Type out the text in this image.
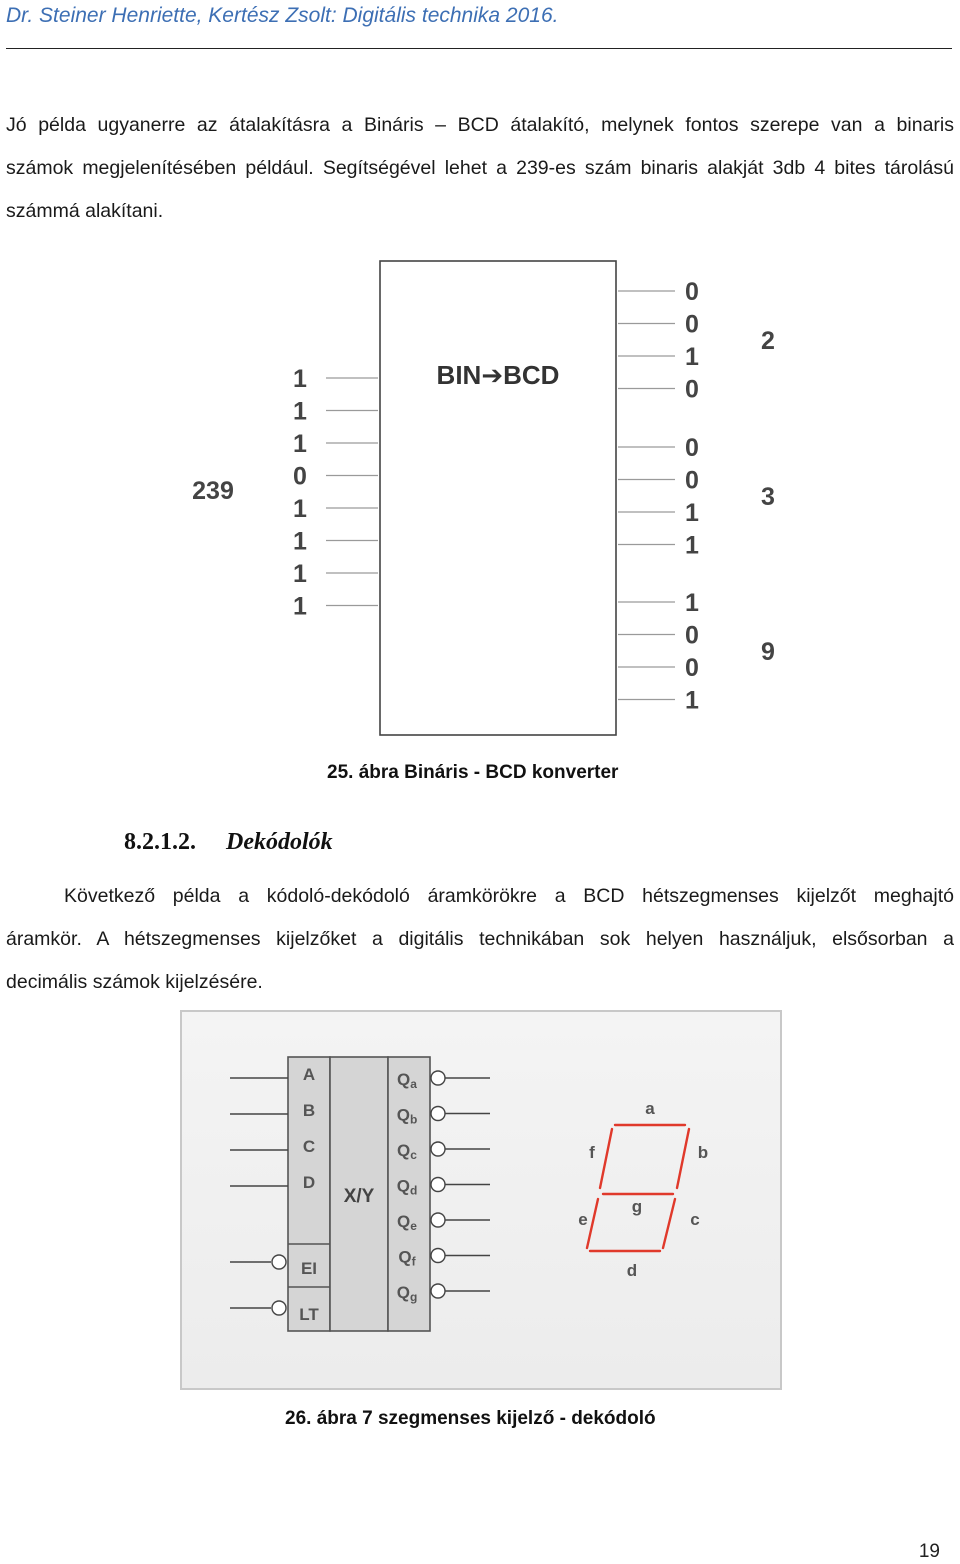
Dr. Steiner Henriette, Kertész Zsolt: Digitális technika 2016.
Jó példa ugyanerre az átalakításra a Bináris – BCD átalakító, melynek fontos szerepe van a binaris
számok megjelenítésében például. Segítségével lehet a 239-es szám binaris alakját 3db 4 bites tárolású
számmá alakítani.
BIN➔BCD
239
1
1
1
0
1
1
1
1
0
0
1
0
2
0
0
1
1
3
1
0
0
1
9
25. ábra Bináris - BCD konverter
8.2.1.2. Dekódolók
Következő példa a kódoló-dekódoló áramkörökre a BCD hétszegmenses kijelzőt meghajtó
áramkör. A hétszegmenses kijelzőket a digitális technikában sok helyen használjuk, elsősorban a
decimális számok kijelzésére.
X/Y
A
B
C
D
EI
LT
Qa
Qb
Qc
Qd
Qe
Qf
Qg
a
b
f
g
c
e
d
26. ábra 7 szegmenses kijelző - dekódoló
19
